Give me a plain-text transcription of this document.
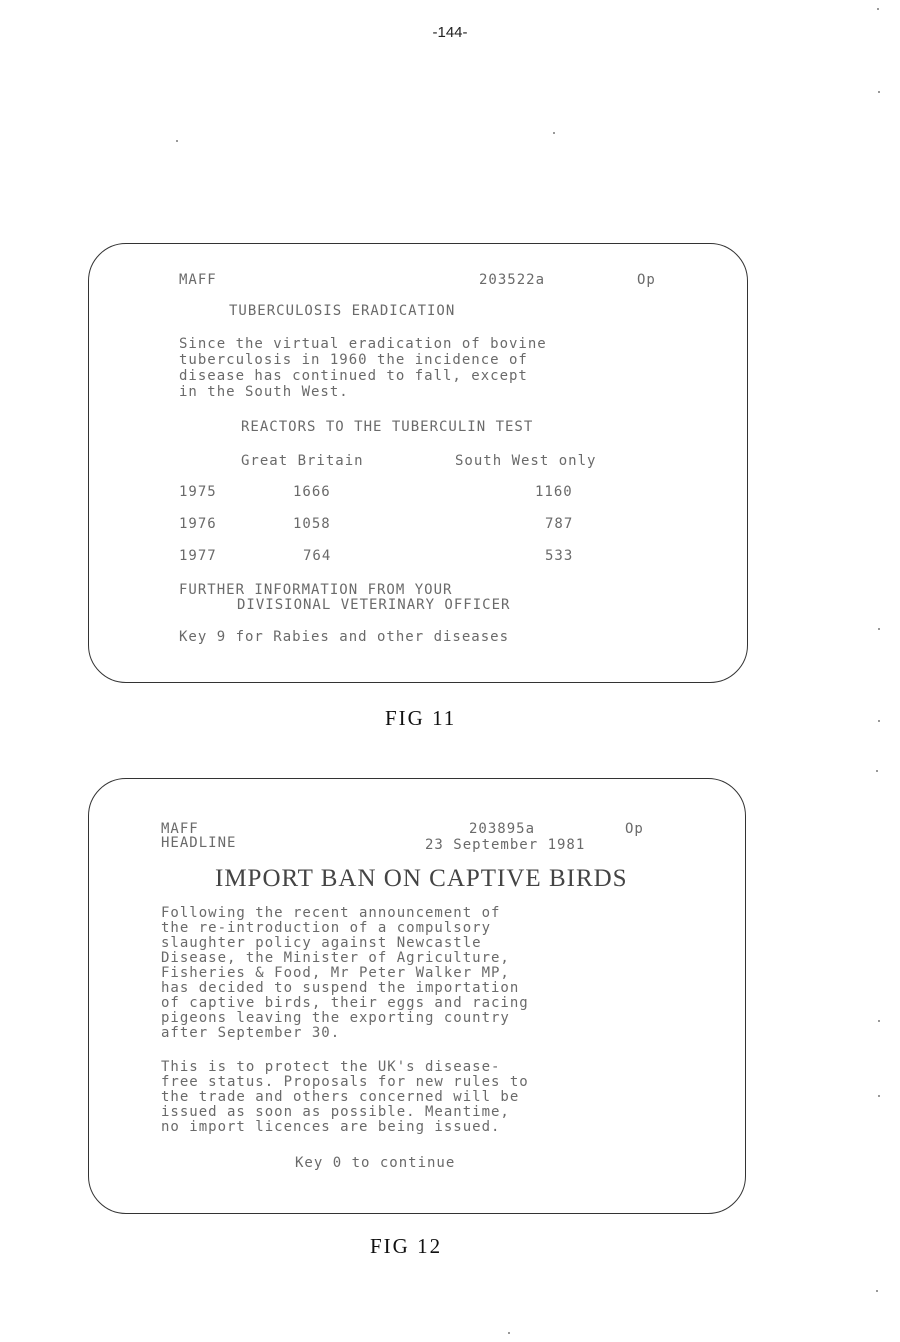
-144-
MAFF	203522a	Op
TUBERCULOSIS ERADICATION
Since the virtual eradication of bovine
tuberculosis in 1960 the incidence of
disease has continued to fall, except
in the South West.
REACTORS TO THE TUBERCULIN TEST
Great Britain	South West only
1975	1666	1160
1976	1058	787
1977	764	533
FURTHER INFORMATION FROM YOUR
DIVISIONAL VETERINARY OFFICER
Key 9 for Rabies and other diseases
FIG 11
MAFF
HEADLINE
203895a	Op
23 September 1981
IMPORT BAN ON CAPTIVE BIRDS
Following the recent announcement of
the re-introduction of a compulsory
slaughter policy against Newcastle
Disease, the Minister of Agriculture,
Fisheries & Food, Mr Peter Walker MP,
has decided to suspend the importation
of captive birds, their eggs and racing
pigeons leaving the exporting country
after September 30.
This is to protect the UK's disease-
free status. Proposals for new rules to
the trade and others concerned will be
issued as soon as possible. Meantime,
no import licences are being issued.
Key 0 to continue
FIG 12
